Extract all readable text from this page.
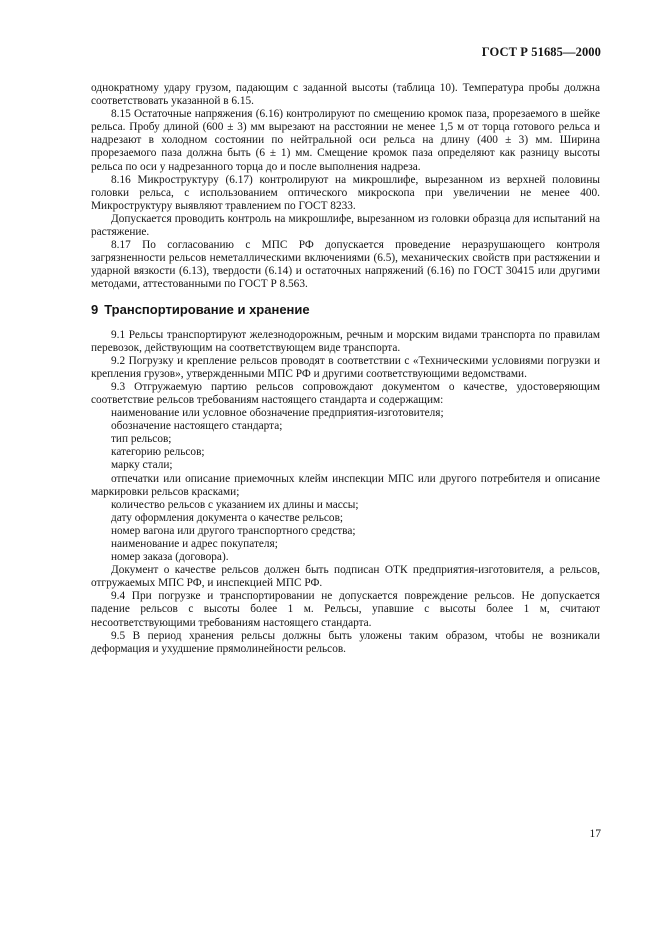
ГОСТ Р 51685—2000

однократному удару грузом, падающим с заданной высоты (таблица 10). Температура пробы должна соответствовать указанной в 6.15.

8.15 Остаточные напряжения (6.16) контролируют по смещению кромок паза, прорезаемого в шейке рельса. Пробу длиной (600 ± 3) мм вырезают на расстоянии не менее 1,5 м от торца готового рельса и надрезают в холодном состоянии по нейтральной оси рельса на длину (400 ± 3) мм. Ширина прорезаемого паза должна быть (6 ± 1) мм. Смещение кромок паза определяют как разницу высоты рельса по оси у надрезанного торца до и после выполнения надреза.

8.16 Микроструктуру (6.17) контролируют на микрошлифе, вырезанном из верхней половины головки рельса, с использованием оптического микроскопа при увеличении не менее 400. Микроструктуру выявляют травлением по ГОСТ 8233.

Допускается проводить контроль на микрошлифе, вырезанном из головки образца для испытаний на растяжение.

8.17 По согласованию с МПС РФ допускается проведение неразрушающего контроля загрязненности рельсов неметаллическими включениями (6.5), механических свойств при растяжении и ударной вязкости (6.13), твердости (6.14) и остаточных напряжений (6.16) по ГОСТ 30415 или другими методами, аттестованными по ГОСТ Р 8.563.

9 Транспортирование и хранение

9.1 Рельсы транспортируют железнодорожным, речным и морским видами транспорта по правилам перевозок, действующим на соответствующем виде транспорта.

9.2 Погрузку и крепление рельсов проводят в соответствии с «Техническими условиями погрузки и крепления грузов», утвержденными МПС РФ и другими соответствующими ведомствами.

9.3 Отгружаемую партию рельсов сопровождают документом о качестве, удостоверяющим соответствие рельсов требованиям настоящего стандарта и содержащим:

наименование или условное обозначение предприятия-изготовителя;

обозначение настоящего стандарта;

тип рельсов;

категорию рельсов;

марку стали;

отпечатки или описание приемочных клейм инспекции МПС или другого потребителя и описание маркировки рельсов красками;

количество рельсов с указанием их длины и массы;

дату оформления документа о качестве рельсов;

номер вагона или другого транспортного средства;

наименование и адрес покупателя;

номер заказа (договора).

Документ о качестве рельсов должен быть подписан ОТК предприятия-изготовителя, а рельсов, отгружаемых МПС РФ, и инспекцией МПС РФ.

9.4 При погрузке и транспортировании не допускается повреждение рельсов. Не допускается падение рельсов с высоты более 1 м. Рельсы, упавшие с высоты более 1 м, считают несоответствующими требованиям настоящего стандарта.

9.5 В период хранения рельсы должны быть уложены таким образом, чтобы не возникали деформация и ухудшение прямолинейности рельсов.

17
